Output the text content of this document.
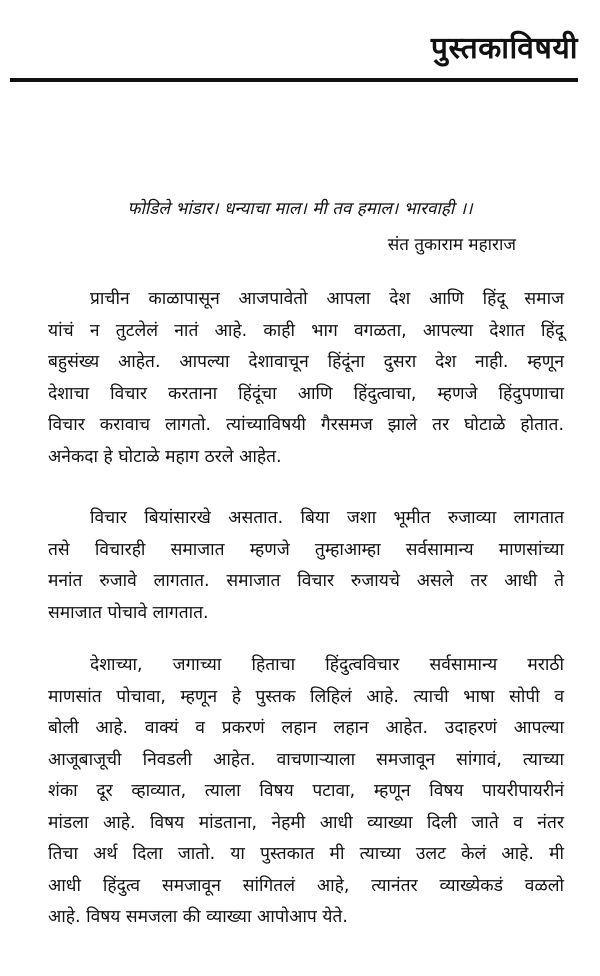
पुस्तकाविषयी
फोडिले भांडार। धन्याचा माल। मी तव हमाल। भारवाही ।।
संत तुकाराम महाराज
प्राचीन काळापासून आजपावेतो आपला देश आणि हिंदू समाज
यांचं न तुटलेलं नातं आहे. काही भाग वगळता, आपल्या देशात हिंदू
बहुसंख्य आहेत. आपल्या देशावाचून हिंदूंना दुसरा देश नाही. म्हणून
देशाचा विचार करताना हिंदूंचा आणि हिंदुत्वाचा, म्हणजे हिंदुपणाचा
विचार करावाच लागतो. त्यांच्याविषयी गैरसमज झाले तर घोटाळे होतात.
अनेकदा हे घोटाळे महाग ठरले आहेत.
विचार बियांसारखे असतात. बिया जशा भूमीत रुजाव्या लागतात
तसे विचारही समाजात म्हणजे तुम्हाआम्हा सर्वसामान्य माणसांच्या
मनांत रुजावे लागतात. समाजात विचार रुजायचे असले तर आधी ते
समाजात पोचावे लागतात.
देशाच्या, जगाच्या हिताचा हिंदुत्वविचार सर्वसामान्य मराठी
माणसांत पोचावा, म्हणून हे पुस्तक लिहिलं आहे. त्याची भाषा सोपी व
बोली आहे. वाक्यं व प्रकरणं लहान लहान आहेत. उदाहरणं आपल्या
आजूबाजूची निवडली आहेत. वाचणाऱ्याला समजावून सांगावं, त्याच्या
शंका दूर व्हाव्यात, त्याला विषय पटावा, म्हणून विषय पायरीपायरीनं
मांडला आहे. विषय मांडताना, नेहमी आधी व्याख्या दिली जाते व नंतर
तिचा अर्थ दिला जातो. या पुस्तकात मी त्याच्या उलट केलं आहे. मी
आधी हिंदुत्व समजावून सांगितलं आहे, त्यानंतर व्याख्येकडं वळलो
आहे. विषय समजला की व्याख्या आपोआप येते.
